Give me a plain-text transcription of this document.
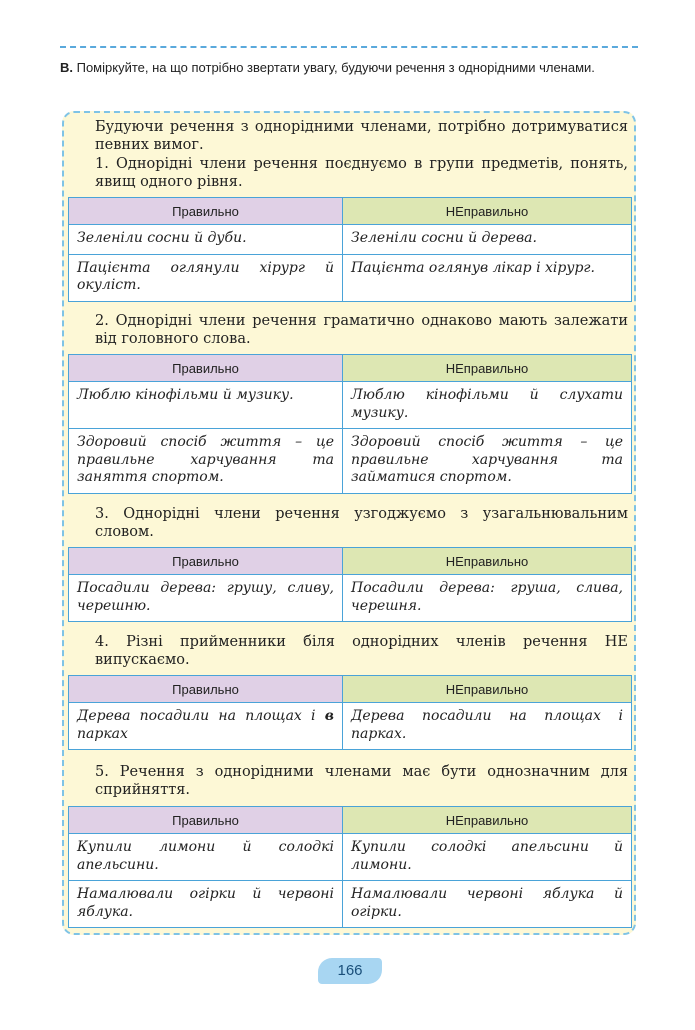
В. Поміркуйте, на що потрібно звертати увагу, будуючи речення з однорідними членами.
Будуючи речення з однорідними членами, потрібно дотримуватися певних вимог.
1. Однорідні члени речення поєднуємо в групи предметів, понять, явищ одного рівня.
Правильно	НЕправильно
Зеленіли сосни й дуби.	Зеленіли сосни й дерева.
Пацієнта оглянули хірург й окуліст.	Пацієнта оглянув лікар і хірург.
2. Однорідні члени речення граматично однаково мають залежати від головного слова.
Правильно	НЕправильно
Люблю кінофільми й музику.	Люблю кінофільми й слухати музику.
Здоровий спосіб життя – це правильне харчування та заняття спортом.	Здоровий спосіб життя – це правильне харчування та займатися спортом.
3. Однорідні члени речення узгоджуємо з узагальнювальним словом.
Правильно	НЕправильно
Посадили дерева: грушу, сливу, черешню.	Посадили дерева: груша, слива, черешня.
4. Різні прийменники біля однорідних членів речення НЕ випускаємо.
Правильно	НЕправильно
Дерева посадили на площах і в парках	Дерева посадили на площах і парках.
5. Речення з однорідними членами має бути однозначним для сприйняття.
Правильно	НЕправильно
Купили лимони й солодкі апельсини.	Купили солодкі апельсини й лимони.
Намалювали огірки й червоні яблука.	Намалювали червоні яблука й огірки.
166
